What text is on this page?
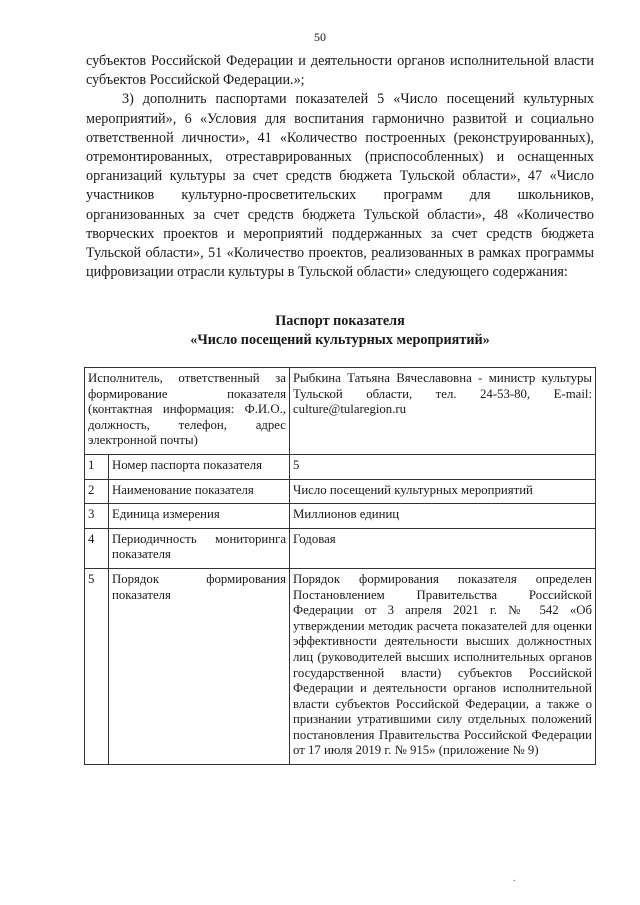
50

субъектов Российской Федерации и деятельности органов исполнительной власти субъектов Российской Федерации.»;

3) дополнить паспортами показателей 5 «Число посещений культурных мероприятий», 6 «Условия для воспитания гармонично развитой и социально ответственной личности», 41 «Количество построенных (реконструированных), отремонтированных, отреставрированных (приспособленных) и оснащенных организаций культуры за счет средств бюджета Тульской области», 47 «Число участников культурно-просветительских программ для школьников, организованных за счет средств бюджета Тульской области», 48 «Количество творческих проектов и мероприятий поддержанных за счет средств бюджета Тульской области», 51 «Количество проектов, реализованных в рамках программы цифровизации отрасли культуры в Тульской области» следующего содержания:

Паспорт показателя
«Число посещений культурных мероприятий»
Исполнитель, ответственный за формирование показателя (контактная информация: Ф.И.О., должность, телефон, адрес электронной почты)		Рыбкина Татьяна Вячеславовна - министр культуры Тульской области, тел. 24-53-80, E-mail: culture@tularegion.ru
1	Номер паспорта показателя	5
2	Наименование показателя	Число посещений культурных мероприятий
3	Единица измерения	Миллионов единиц
4	Периодичность мониторинга показателя	Годовая
5	Порядок формирования показателя	Порядок формирования показателя определен Постановлением Правительства Российской Федерации от 3 апреля 2021 г. № 542 «Об утверждении методик расчета показателей для оценки эффективности деятельности высших должностных лиц (руководителей высших исполнительных органов государственной власти) субъектов Российской Федерации и деятельности органов исполнительной власти субъектов Российской Федерации, а также о признании утратившими силу отдельных положений постановления Правительства Российской Федерации от 17 июля 2019 г. № 915» (приложение № 9)
.
